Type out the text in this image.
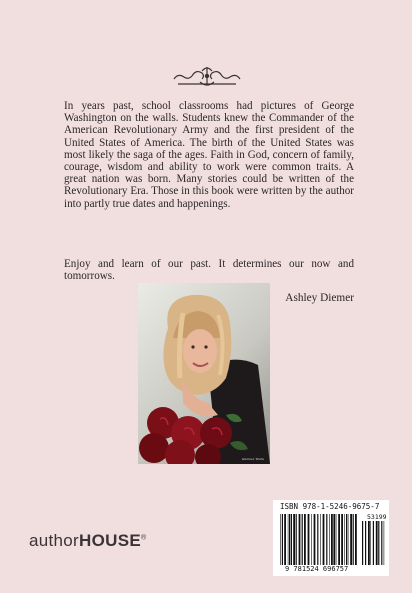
In years past, school classrooms had pictures of George Washington on the walls. Students knew the Commander of the American Revolutionary Army and the first president of the United States of America. The birth of the United States was most likely the saga of the ages. Faith in God, concern of family, courage, wisdom and ability to work were common traits. A great nation was born. Many stories could be written of the Revolutionary Era. Those in this book were written by the author into partly true dates and happenings.

Enjoy and learn of our past. It determines our now and tomorrows.

Ashley Diemer
Glamour Shots
authorHOUSE®
ISBN 978-1-5246-9675-7
53199
9 781524 696757
